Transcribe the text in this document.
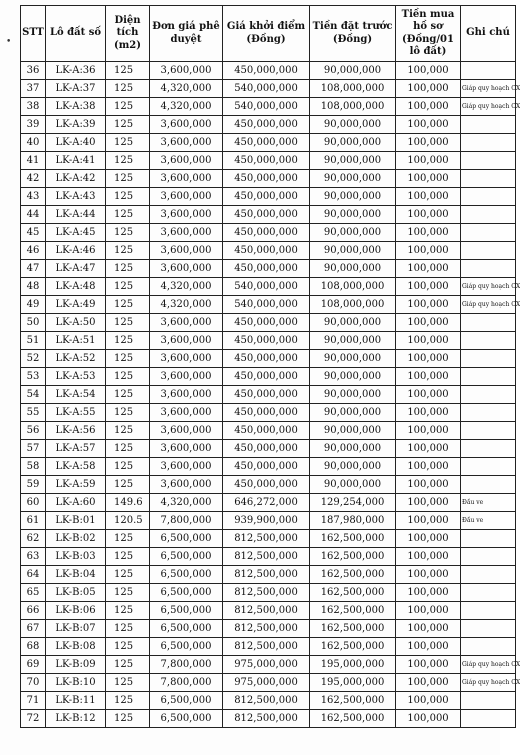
•
STT	Lô đất số	Diện tích (m2)	Đơn giá phê duyệt	Giá khởi điểm (Đồng)	Tiền đặt trước (Đồng)	Tiền mua hồ sơ (Đồng/01 lô đất)	Ghi chú
36	LK-A:36	125	3,600,000	450,000,000	90,000,000	100,000	
37	LK-A:37	125	4,320,000	540,000,000	108,000,000	100,000	Giáp quy hoạch CX
38	LK-A:38	125	4,320,000	540,000,000	108,000,000	100,000	Giáp quy hoạch CX
39	LK-A:39	125	3,600,000	450,000,000	90,000,000	100,000	
40	LK-A:40	125	3,600,000	450,000,000	90,000,000	100,000	
41	LK-A:41	125	3,600,000	450,000,000	90,000,000	100,000	
42	LK-A:42	125	3,600,000	450,000,000	90,000,000	100,000	
43	LK-A:43	125	3,600,000	450,000,000	90,000,000	100,000	
44	LK-A:44	125	3,600,000	450,000,000	90,000,000	100,000	
45	LK-A:45	125	3,600,000	450,000,000	90,000,000	100,000	
46	LK-A:46	125	3,600,000	450,000,000	90,000,000	100,000	
47	LK-A:47	125	3,600,000	450,000,000	90,000,000	100,000	
48	LK-A:48	125	4,320,000	540,000,000	108,000,000	100,000	Giáp quy hoạch CX
49	LK-A:49	125	4,320,000	540,000,000	108,000,000	100,000	Giáp quy hoạch CX
50	LK-A:50	125	3,600,000	450,000,000	90,000,000	100,000	
51	LK-A:51	125	3,600,000	450,000,000	90,000,000	100,000	
52	LK-A:52	125	3,600,000	450,000,000	90,000,000	100,000	
53	LK-A:53	125	3,600,000	450,000,000	90,000,000	100,000	
54	LK-A:54	125	3,600,000	450,000,000	90,000,000	100,000	
55	LK-A:55	125	3,600,000	450,000,000	90,000,000	100,000	
56	LK-A:56	125	3,600,000	450,000,000	90,000,000	100,000	
57	LK-A:57	125	3,600,000	450,000,000	90,000,000	100,000	
58	LK-A:58	125	3,600,000	450,000,000	90,000,000	100,000	
59	LK-A:59	125	3,600,000	450,000,000	90,000,000	100,000	
60	LK-A:60	149.6	4,320,000	646,272,000	129,254,000	100,000	Đầu ve
61	LK-B:01	120.5	7,800,000	939,900,000	187,980,000	100,000	Đầu ve
62	LK-B:02	125	6,500,000	812,500,000	162,500,000	100,000	
63	LK-B:03	125	6,500,000	812,500,000	162,500,000	100,000	
64	LK-B:04	125	6,500,000	812,500,000	162,500,000	100,000	
65	LK-B:05	125	6,500,000	812,500,000	162,500,000	100,000	
66	LK-B:06	125	6,500,000	812,500,000	162,500,000	100,000	
67	LK-B:07	125	6,500,000	812,500,000	162,500,000	100,000	
68	LK-B:08	125	6,500,000	812,500,000	162,500,000	100,000	
69	LK-B:09	125	7,800,000	975,000,000	195,000,000	100,000	Giáp quy hoạch CX
70	LK-B:10	125	7,800,000	975,000,000	195,000,000	100,000	Giáp quy hoạch CX
71	LK-B:11	125	6,500,000	812,500,000	162,500,000	100,000	
72	LK-B:12	125	6,500,000	812,500,000	162,500,000	100,000	
